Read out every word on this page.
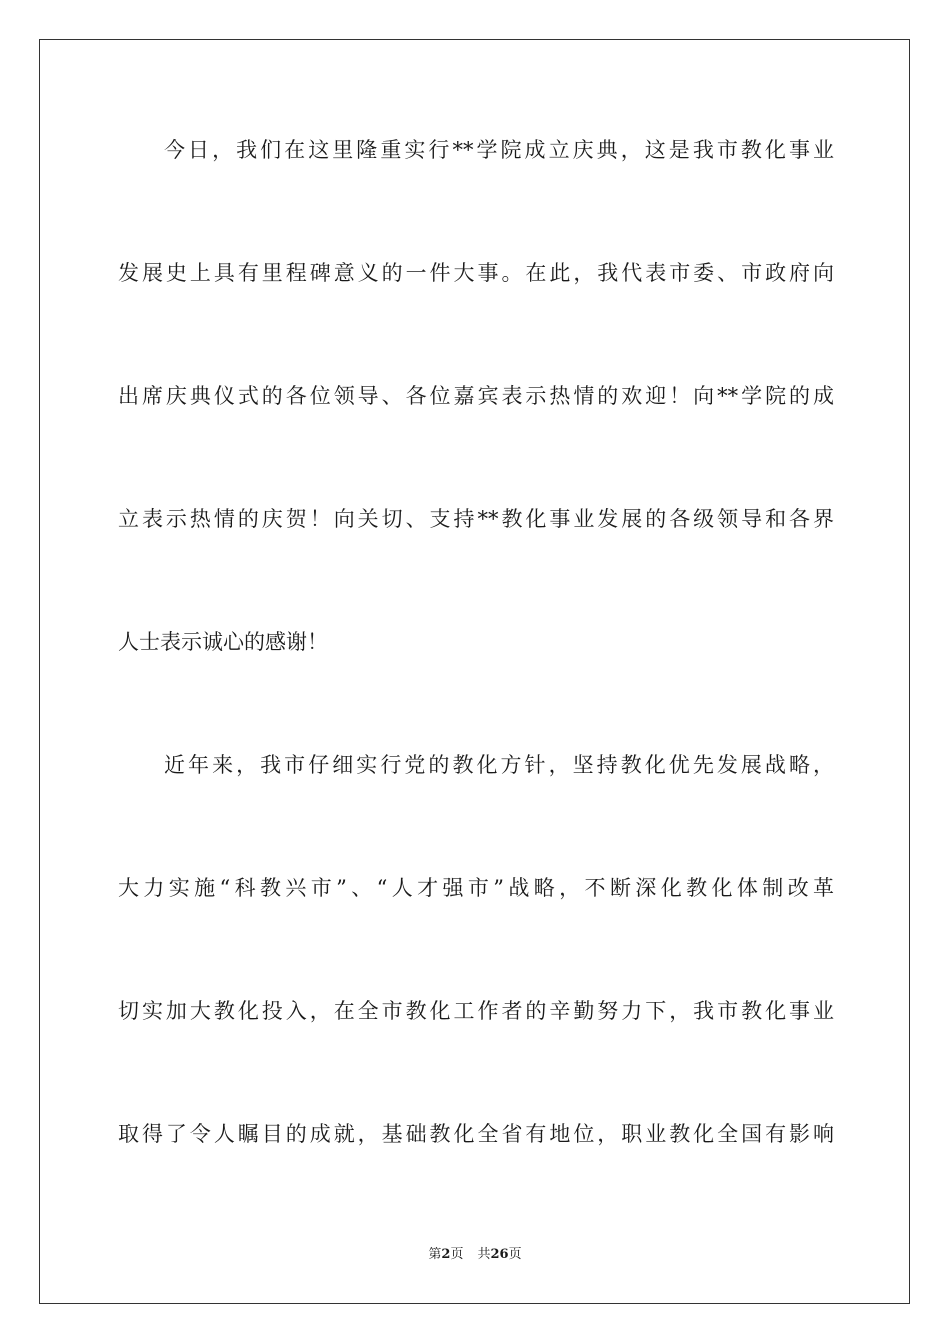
今日，我们在这里隆重实行**学院成立庆典，这是我市教化事业
发展史上具有里程碑意义的一件大事。在此，我代表市委、市政府向
出席庆典仪式的各位领导、各位嘉宾表示热情的欢迎！向**学院的成
立表示热情的庆贺！向关切、支持**教化事业发展的各级领导和各界
人士表示诚心的感谢！
近年来，我市仔细实行党的教化方针，坚持教化优先发展战略，
大力实施“科教兴市”、“人才强市”战略，不断深化教化体制改革
切实加大教化投入，在全市教化工作者的辛勤努力下，我市教化事业
取得了令人瞩目的成就，基础教化全省有地位，职业教化全国有影响
第2页 共26页
